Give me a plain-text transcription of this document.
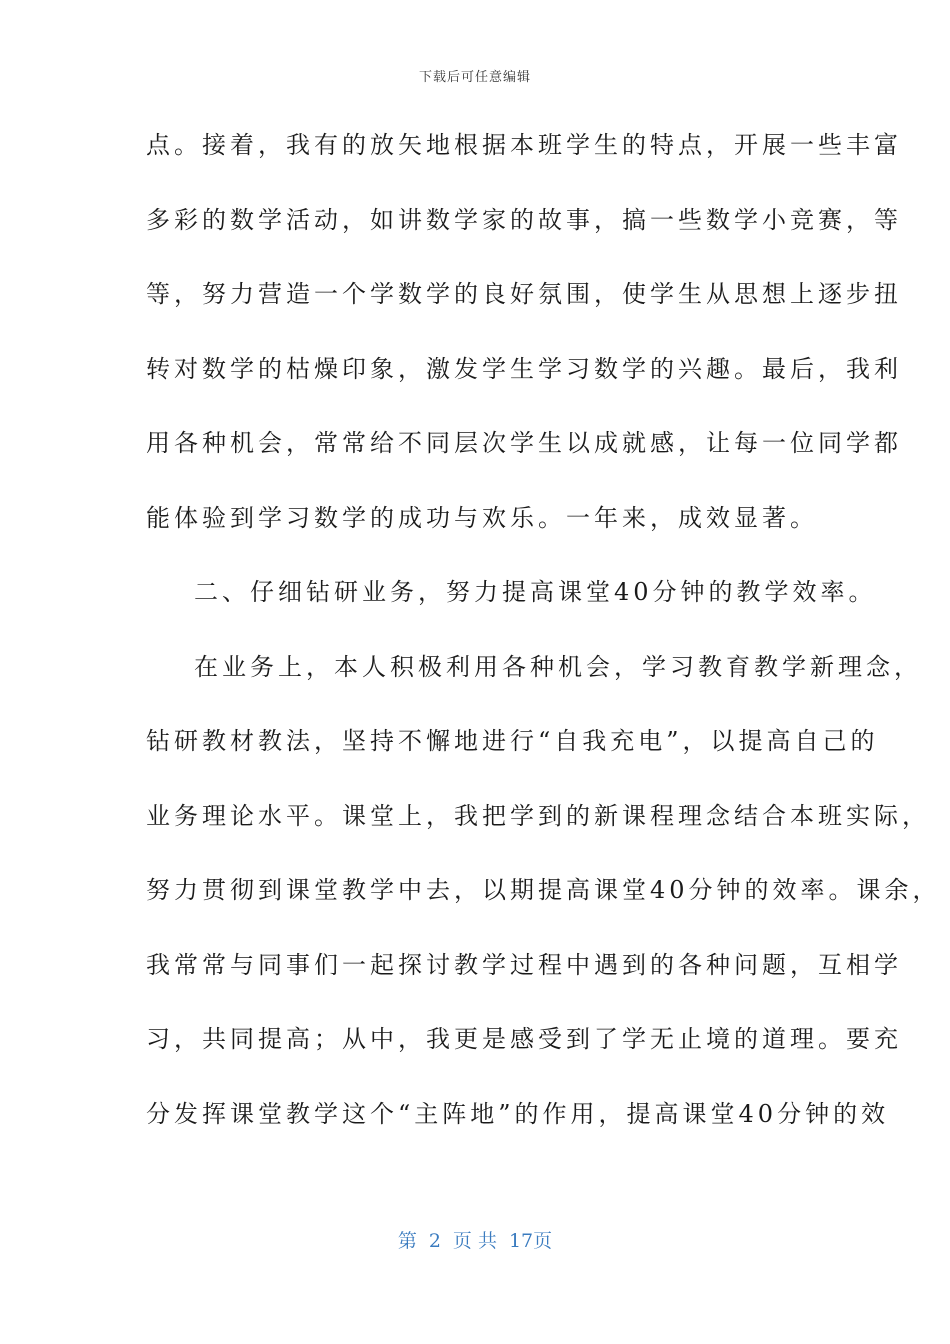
下载后可任意编辑
点。接着，我有的放矢地根据本班学生的特点，开展一些丰富
多彩的数学活动，如讲数学家的故事，搞一些数学小竞赛，等
等，努力营造一个学数学的良好氛围，使学生从思想上逐步扭
转对数学的枯燥印象，激发学生学习数学的兴趣。最后，我利
用各种机会，常常给不同层次学生以成就感，让每一位同学都
能体验到学习数学的成功与欢乐。一年来，成效显著。
二、仔细钻研业务，努力提高课堂40分钟的教学效率。
在业务上，本人积极利用各种机会，学习教育教学新理念，
钻研教材教法，坚持不懈地进行“自我充电”，以提高自己的
业务理论水平。课堂上，我把学到的新课程理念结合本班实际，
努力贯彻到课堂教学中去，以期提高课堂40分钟的效率。课余，
我常常与同事们一起探讨教学过程中遇到的各种问题，互相学
习，共同提高；从中，我更是感受到了学无止境的道理。要充
分发挥课堂教学这个“主阵地”的作用，提高课堂40分钟的效
第 2 页 共 17页
